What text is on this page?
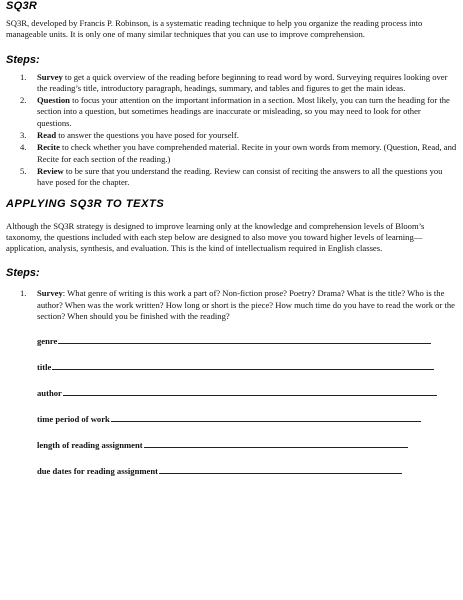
SQ3R

SQ3R, developed by Francis P. Robinson, is a systematic reading technique to help you organize the reading process into manageable units. It is only one of many similar techniques that you can use to improve comprehension.

Steps:
1. Survey to get a quick overview of the reading before beginning to read word by word. Surveying requires looking over the reading’s title, introductory paragraph, headings, summary, and tables and figures to get the main ideas.
2. Question to focus your attention on the important information in a section. Most likely, you can turn the heading for the section into a question, but sometimes headings are inaccurate or misleading, so you may need to look for other questions.
3. Read to answer the questions you have posed for yourself.
4. Recite to check whether you have comprehended material. Recite in your own words from memory. (Question, Read, and Recite for each section of the reading.)
5. Review to be sure that you understand the reading. Review can consist of reciting the answers to all the questions you have posed for the chapter.
APPLYING SQ3R TO TEXTS

Although the SQ3R strategy is designed to improve learning only at the knowledge and comprehension levels of Bloom’s taxonomy, the questions included with each step below are designed to also move you toward higher levels of learning—application, analysis, synthesis, and evaluation. This is the kind of intellectualism required in English classes.

Steps:
1. Survey: What genre of writing is this work a part of? Non-fiction prose? Poetry? Drama? What is the title? Who is the author? When was the work written? How long or short is the piece? How much time do you have to read the work or the section? When should you be finished with the reading?
genre
title
author
time period of work
length of reading assignment
due dates for reading assignment
